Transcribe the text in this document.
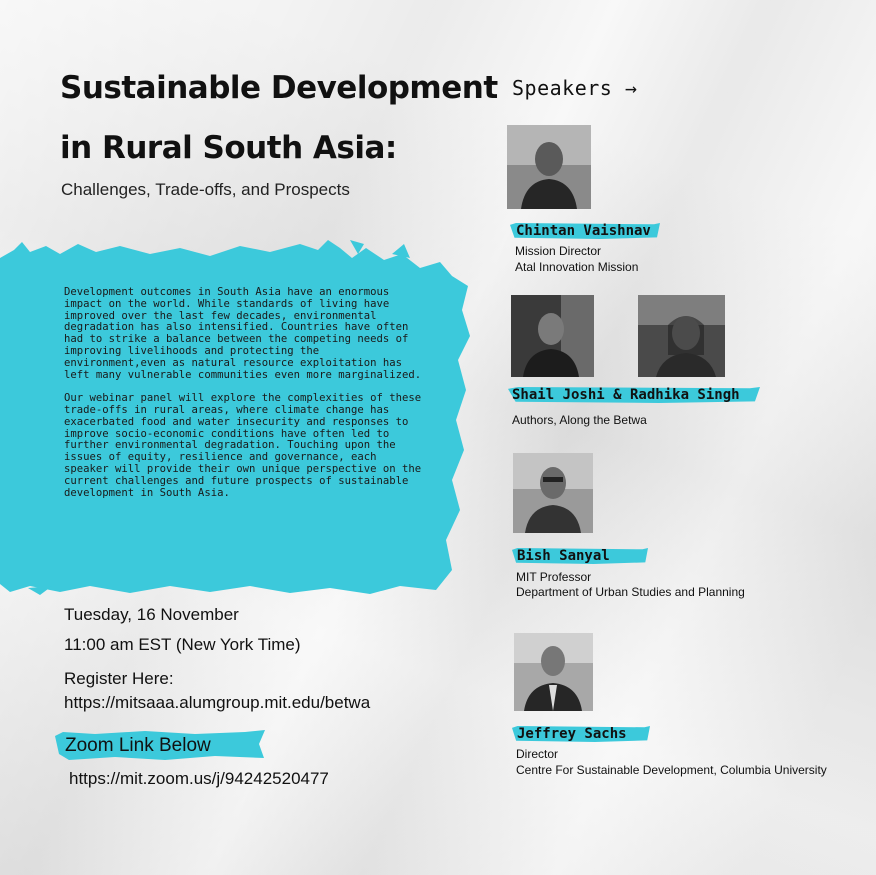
Sustainable Development
in Rural South Asia:
Challenges, Trade-offs, and Prospects

Development outcomes in South Asia have an enormous impact on the world. While standards of living have improved over the last few decades, environmental degradation has also intensified. Countries have often had to strike a balance between the competing needs of improving livelihoods and protecting the environment,even as natural resource exploitation has left many vulnerable communities even more marginalized.

Our webinar panel will explore the complexities of these trade-offs in rural areas, where climate change has exacerbated food and water insecurity and responses to improve socio-economic conditions have often led to further environmental degradation. Touching upon the issues of equity, resilience and governance, each speaker will provide their own unique perspective on the current challenges and future prospects of sustainable development in South Asia.

Tuesday, 16 November
11:00 am EST (New York Time)
Register Here:
https://mitsaaa.alumgroup.mit.edu/betwa
Zoom Link Below
https://mit.zoom.us/j/94242520477
Speakers →
Chintan Vaishnav
Mission Director
Atal Innovation Mission
Shail Joshi & Radhika Singh
Authors, Along the Betwa
Bish Sanyal
MIT Professor
Department of Urban Studies and Planning
Jeffrey Sachs
Director
Centre For Sustainable Development, Columbia University
